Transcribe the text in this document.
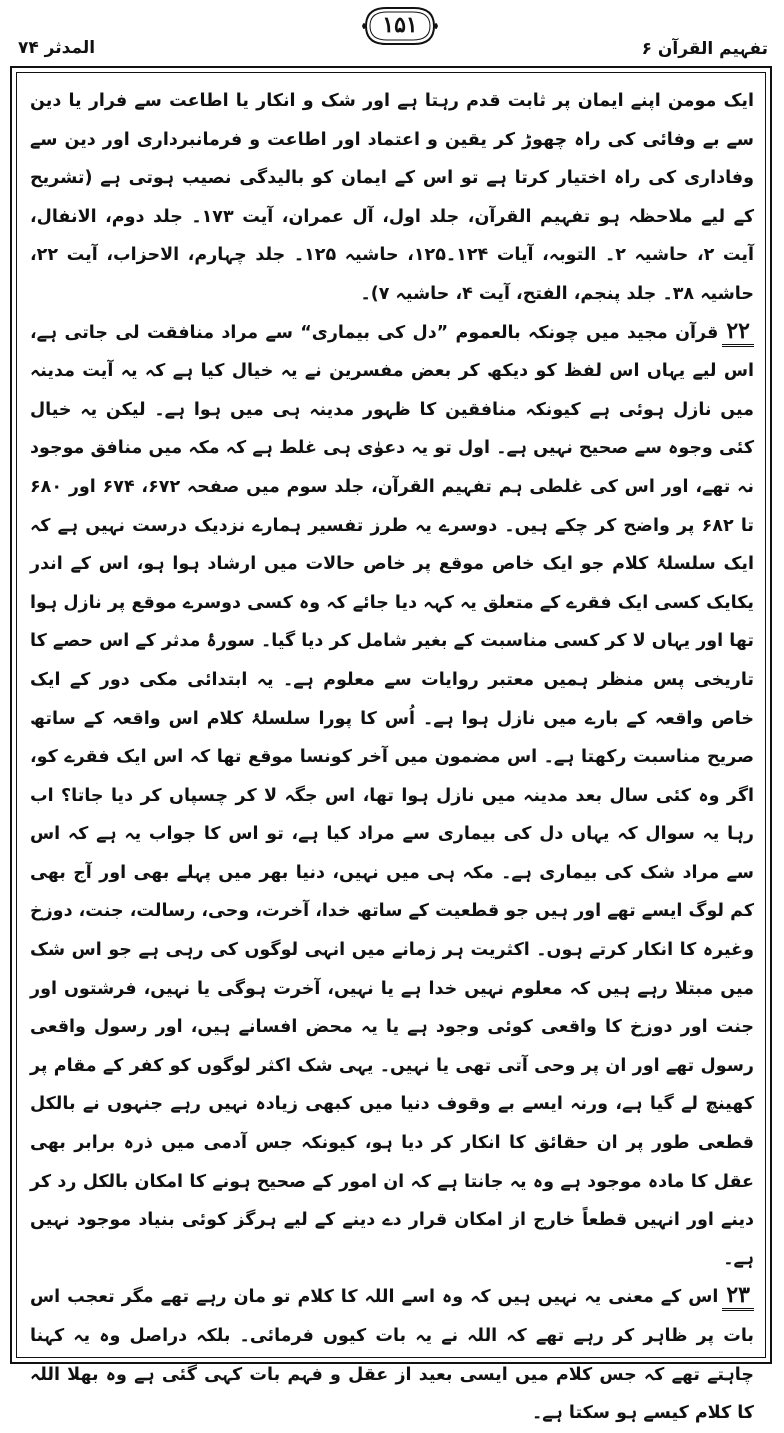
المدثر ۷۴
۱۵۱
تفہیم القرآن ۶

ایک مومن اپنے ایمان پر ثابت قدم رہتا ہے اور شک و انکار یا اطاعت سے فرار یا دین سے بے وفائی کی راہ چھوڑ کر یقین و اعتماد اور اطاعت و فرمانبرداری اور دین سے وفاداری کی راہ اختیار کرتا ہے تو اس کے ایمان کو بالیدگی نصیب ہوتی ہے (تشریح کے لیے ملاحظہ ہو تفہیم القرآن، جلد اول، آل عمران، آیت ۱۷۳۔ جلد دوم، الانفال، آیت ۲، حاشیہ ۲۔ التوبہ، آیات ۱۲۴۔۱۲۵، حاشیہ ۱۲۵۔ جلد چہارم، الاحزاب، آیت ۲۲، حاشیہ ۳۸۔ جلد پنجم، الفتح، آیت ۴، حاشیہ ۷)۔

۲۲قرآن مجید میں چونکہ بالعموم ”دل کی بیماری“ سے مراد منافقت لی جاتی ہے، اس لیے یہاں اس لفظ کو دیکھ کر بعض مفسرین نے یہ خیال کیا ہے کہ یہ آیت مدینہ میں نازل ہوئی ہے کیونکہ منافقین کا ظہور مدینہ ہی میں ہوا ہے۔ لیکن یہ خیال کئی وجوہ سے صحیح نہیں ہے۔ اول تو یہ دعوٰی ہی غلط ہے کہ مکہ میں منافق موجود نہ تھے، اور اس کی غلطی ہم تفہیم القرآن، جلد سوم میں صفحہ ۶۷۲، ۶۷۴ اور ۶۸۰ تا ۶۸۲ پر واضح کر چکے ہیں۔ دوسرے یہ طرز تفسیر ہمارے نزدیک درست نہیں ہے کہ ایک سلسلۂ کلام جو ایک خاص موقع پر خاص حالات میں ارشاد ہوا ہو، اس کے اندر یکایک کسی ایک فقرے کے متعلق یہ کہہ دیا جائے کہ وہ کسی دوسرے موقع پر نازل ہوا تھا اور یہاں لا کر کسی مناسبت کے بغیر شامل کر دیا گیا۔ سورۂ مدثر کے اس حصے کا تاریخی پس منظر ہمیں معتبر روایات سے معلوم ہے۔ یہ ابتدائی مکی دور کے ایک خاص واقعہ کے بارے میں نازل ہوا ہے۔ اُس کا پورا سلسلۂ کلام اس واقعہ کے ساتھ صریح مناسبت رکھتا ہے۔ اس مضمون میں آخر کونسا موقع تھا کہ اس ایک فقرے کو، اگر وہ کئی سال بعد مدینہ میں نازل ہوا تھا، اس جگہ لا کر چسپاں کر دیا جاتا؟ اب رہا یہ سوال کہ یہاں دل کی بیماری سے مراد کیا ہے، تو اس کا جواب یہ ہے کہ اس سے مراد شک کی بیماری ہے۔ مکہ ہی میں نہیں، دنیا بھر میں پہلے بھی اور آج بھی کم لوگ ایسے تھے اور ہیں جو قطعیت کے ساتھ خدا، آخرت، وحی، رسالت، جنت، دوزخ وغیرہ کا انکار کرتے ہوں۔ اکثریت ہر زمانے میں انہی لوگوں کی رہی ہے جو اس شک میں مبتلا رہے ہیں کہ معلوم نہیں خدا ہے یا نہیں، آخرت ہوگی یا نہیں، فرشتوں اور جنت اور دوزخ کا واقعی کوئی وجود ہے یا یہ محض افسانے ہیں، اور رسول واقعی رسول تھے اور ان پر وحی آتی تھی یا نہیں۔ یہی شک اکثر لوگوں کو کفر کے مقام پر کھینچ لے گیا ہے، ورنہ ایسے بے وقوف دنیا میں کبھی زیادہ نہیں رہے جنہوں نے بالکل قطعی طور پر ان حقائق کا انکار کر دیا ہو، کیونکہ جس آدمی میں ذرہ برابر بھی عقل کا مادہ موجود ہے وہ یہ جانتا ہے کہ ان امور کے صحیح ہونے کا امکان بالکل رد کر دینے اور انہیں قطعاً خارج از امکان قرار دے دینے کے لیے ہرگز کوئی بنیاد موجود نہیں ہے۔

۲۳اس کے معنی یہ نہیں ہیں کہ وہ اسے اللہ کا کلام تو مان رہے تھے مگر تعجب اس بات پر ظاہر کر رہے تھے کہ اللہ نے یہ بات کیوں فرمائی۔ بلکہ دراصل وہ یہ کہنا چاہتے تھے کہ جس کلام میں ایسی بعید از عقل و فہم بات کہی گئی ہے وہ بھلا اللہ کا کلام کیسے ہو سکتا ہے۔
